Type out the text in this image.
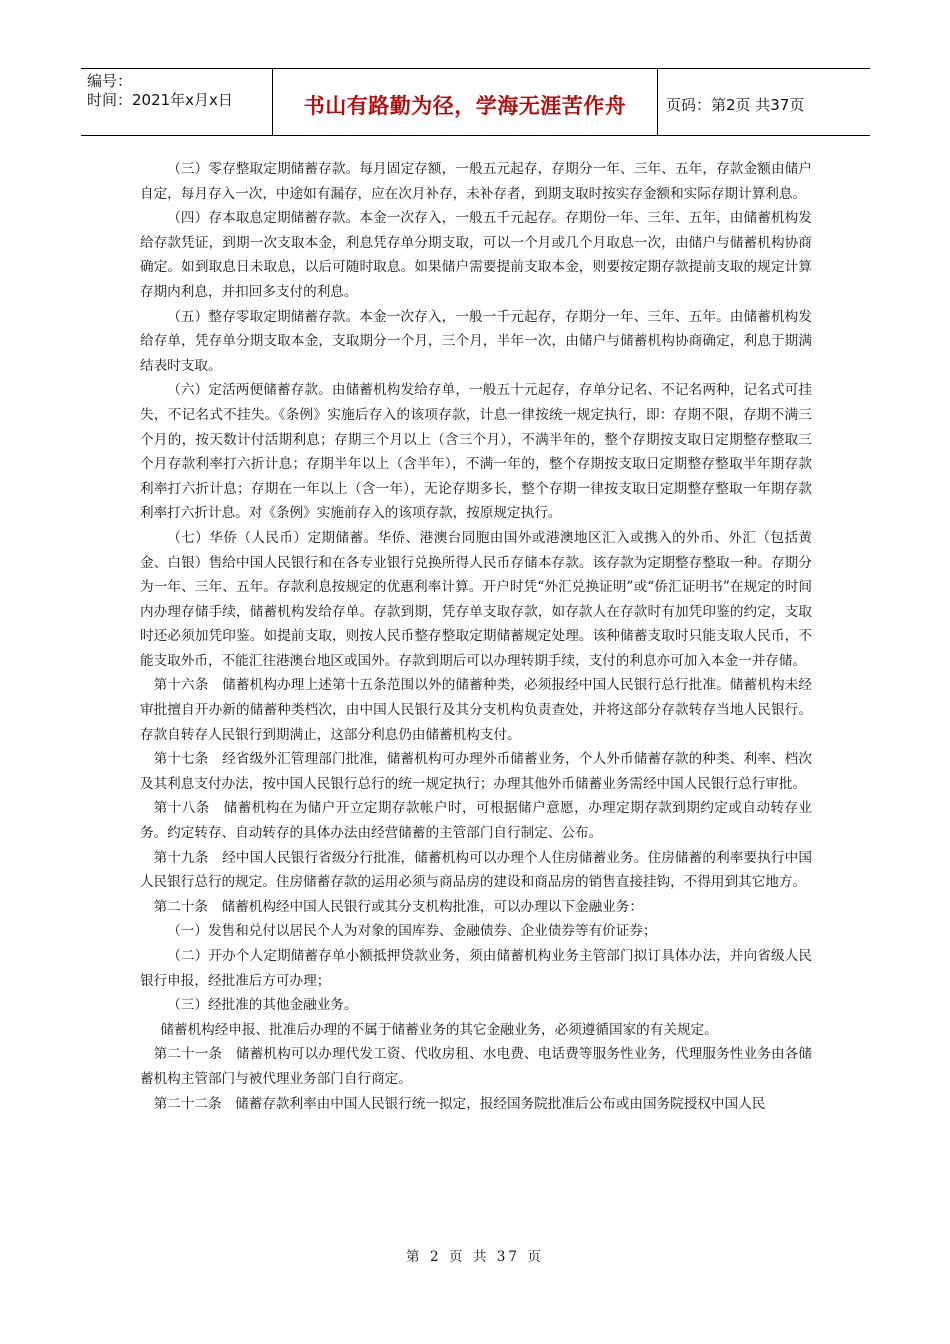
编号：
时间：2021年x月x日	书山有路勤为径，学海无涯苦作舟	页码：第2页 共37页

（三）零存整取定期储蓄存款。每月固定存额，一般五元起存，存期分一年、三年、五年，存款金额由储户自定，每月存入一次，中途如有漏存，应在次月补存，未补存者，到期支取时按实存金额和实际存期计算利息。

（四）存本取息定期储蓄存款。本金一次存入，一般五千元起存。存期份一年、三年、五年，由储蓄机构发给存款凭证，到期一次支取本金，利息凭存单分期支取，可以一个月或几个月取息一次，由储户与储蓄机构协商确定。如到取息日未取息，以后可随时取息。如果储户需要提前支取本金，则要按定期存款提前支取的规定计算存期内利息，并扣回多支付的利息。

（五）整存零取定期储蓄存款。本金一次存入，一般一千元起存，存期分一年、三年、五年。由储蓄机构发给存单，凭存单分期支取本金，支取期分一个月，三个月，半年一次，由储户与储蓄机构协商确定，利息于期满结表时支取。

（六）定活两便储蓄存款。由储蓄机构发给存单，一般五十元起存，存单分记名、不记名两种，记名式可挂失，不记名式不挂失。《条例》实施后存入的该项存款，计息一律按统一规定执行，即：存期不限，存期不满三个月的，按天数计付活期利息；存期三个月以上（含三个月），不满半年的，整个存期按支取日定期整存整取三个月存款利率打六折计息；存期半年以上（含半年），不满一年的，整个存期按支取日定期整存整取半年期存款利率打六折计息；存期在一年以上（含一年），无论存期多长，整个存期一律按支取日定期整存整取一年期存款利率打六折计息。对《条例》实施前存入的该项存款，按原规定执行。

（七）华侨（人民币）定期储蓄。华侨、港澳台同胞由国外或港澳地区汇入或携入的外币、外汇（包括黄金、白银）售给中国人民银行和在各专业银行兑换所得人民币存储本存款。该存款为定期整存整取一种。存期分为一年、三年、五年。存款利息按规定的优惠利率计算。开户时凭“外汇兑换证明”或“侨汇证明书”在规定的时间内办理存储手续，储蓄机构发给存单。存款到期，凭存单支取存款，如存款人在存款时有加凭印鉴的约定，支取时还必须加凭印鉴。如提前支取，则按人民币整存整取定期储蓄规定处理。该种储蓄支取时只能支取人民币，不能支取外币，不能汇往港澳台地区或国外。存款到期后可以办理转期手续，支付的利息亦可加入本金一并存储。

第十六条　储蓄机构办理上述第十五条范围以外的储蓄种类，必须报经中国人民银行总行批准。储蓄机构未经审批擅自开办新的储蓄种类档次，由中国人民银行及其分支机构负责查处，并将这部分存款转存当地人民银行。存款自转存人民银行到期满止，这部分利息仍由储蓄机构支付。

第十七条　经省级外汇管理部门批准，储蓄机构可办理外币储蓄业务，个人外币储蓄存款的种类、利率、档次及其利息支付办法，按中国人民银行总行的统一规定执行；办理其他外币储蓄业务需经中国人民银行总行审批。

第十八条　储蓄机构在为储户开立定期存款帐户时，可根据储户意愿，办理定期存款到期约定或自动转存业务。约定转存、自动转存的具体办法由经营储蓄的主管部门自行制定、公布。

第十九条　经中国人民银行省级分行批准，储蓄机构可以办理个人住房储蓄业务。住房储蓄的利率要执行中国人民银行总行的规定。住房储蓄存款的运用必须与商品房的建设和商品房的销售直接挂钩，不得用到其它地方。

第二十条　储蓄机构经中国人民银行或其分支机构批准，可以办理以下金融业务：

（一）发售和兑付以居民个人为对象的国库券、金融债券、企业债券等有价证券；

（二）开办个人定期储蓄存单小额抵押贷款业务，须由储蓄机构业务主管部门拟订具体办法，并向省级人民银行申报，经批准后方可办理；

（三）经批准的其他金融业务。

储蓄机构经申报、批准后办理的不属于储蓄业务的其它金融业务，必须遵循国家的有关规定。

第二十一条　储蓄机构可以办理代发工资、代收房租、水电费、电话费等服务性业务，代理服务性业务由各储蓄机构主管部门与被代理业务部门自行商定。

第二十二条　储蓄存款利率由中国人民银行统一拟定，报经国务院批准后公布或由国务院授权中国人民

第 2 页 共 37 页
